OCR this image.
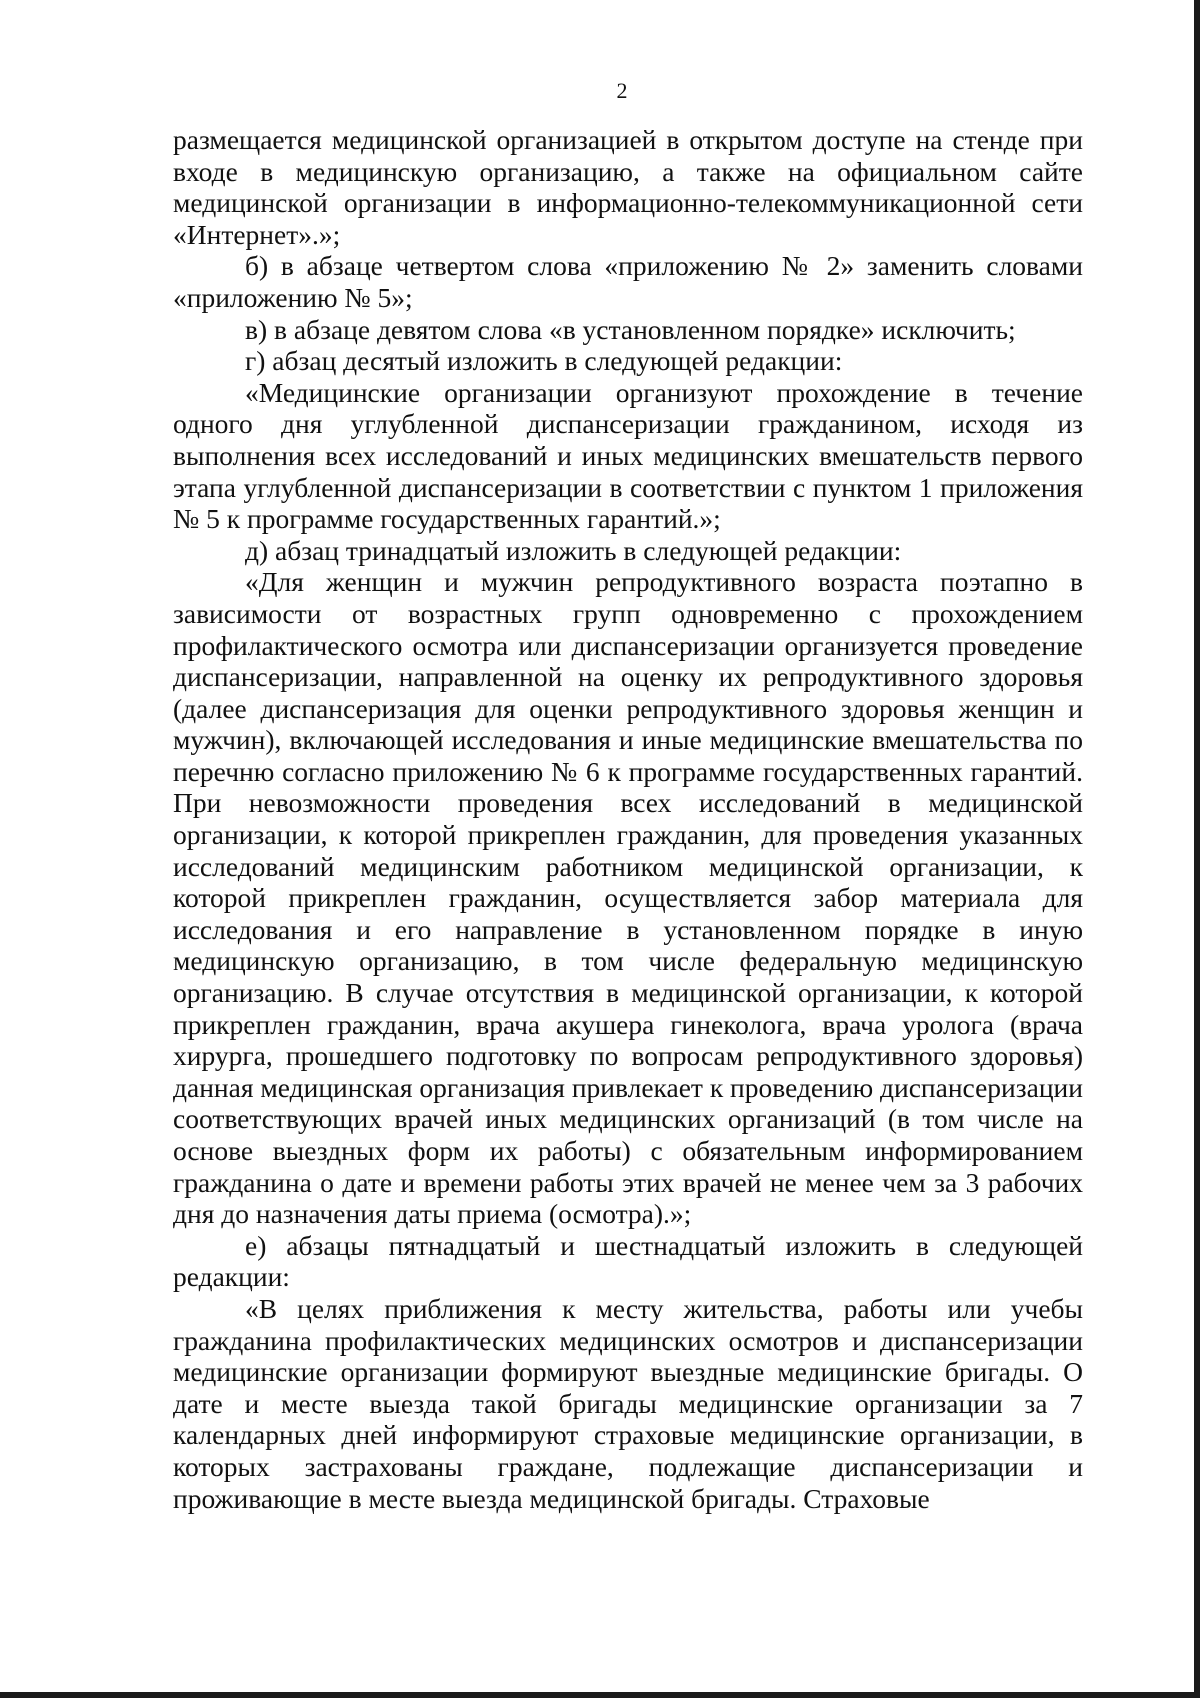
2

размещается медицинской организацией в открытом доступе на стенде при входе в медицинскую организацию, а также на официальном сайте медицинской организации в информационно-телекоммуникационной сети «Интернет».»;

б) в абзаце четвертом слова «приложению № 2» заменить словами «приложению № 5»;

в) в абзаце девятом слова «в установленном порядке» исключить;

г) абзац десятый изложить в следующей редакции:

«Медицинские организации организуют прохождение в течение одного дня углубленной диспансеризации гражданином, исходя из выполнения всех исследований и иных медицинских вмешательств первого этапа углубленной диспансеризации в соответствии с пунктом 1 приложения № 5 к программе государственных гарантий.»;

д) абзац тринадцатый изложить в следующей редакции:

«Для женщин и мужчин репродуктивного возраста поэтапно в зависимости от возрастных групп одновременно с прохождением профилактического осмотра или диспансеризации организуется проведение диспансеризации, направленной на оценку их репродуктивного здоровья (далее диспансеризация для оценки репродуктивного здоровья женщин и мужчин), включающей исследования и иные медицинские вмешательства по перечню согласно приложению № 6 к программе государственных гарантий. При невозможности проведения всех исследований в медицинской организации, к которой прикреплен гражданин, для проведения указанных исследований медицинским работником медицинской организации, к которой прикреплен гражданин, осуществляется забор материала для исследования и его направление в установленном порядке в иную медицинскую организацию, в том числе федеральную медицинскую организацию. В случае отсутствия в медицинской организации, к которой прикреплен гражданин, врача акушера гинеколога, врача уролога (врача хирурга, прошедшего подготовку по вопросам репродуктивного здоровья) данная медицинская организация привлекает к проведению диспансеризации соответствующих врачей иных медицинских организаций (в том числе на основе выездных форм их работы) с обязательным информированием гражданина о дате и времени работы этих врачей не менее чем за 3 рабочих дня до назначения даты приема (осмотра).»;

е) абзацы пятнадцатый и шестнадцатый изложить в следующей редакции:

«В целях приближения к месту жительства, работы или учебы гражданина профилактических медицинских осмотров и диспансеризации медицинские организации формируют выездные медицинские бригады. О дате и месте выезда такой бригады медицинские организации за 7 календарных дней информируют страховые медицинские организации, в которых застрахованы граждане, подлежащие диспансеризации и проживающие в месте выезда медицинской бригады. Страховые
